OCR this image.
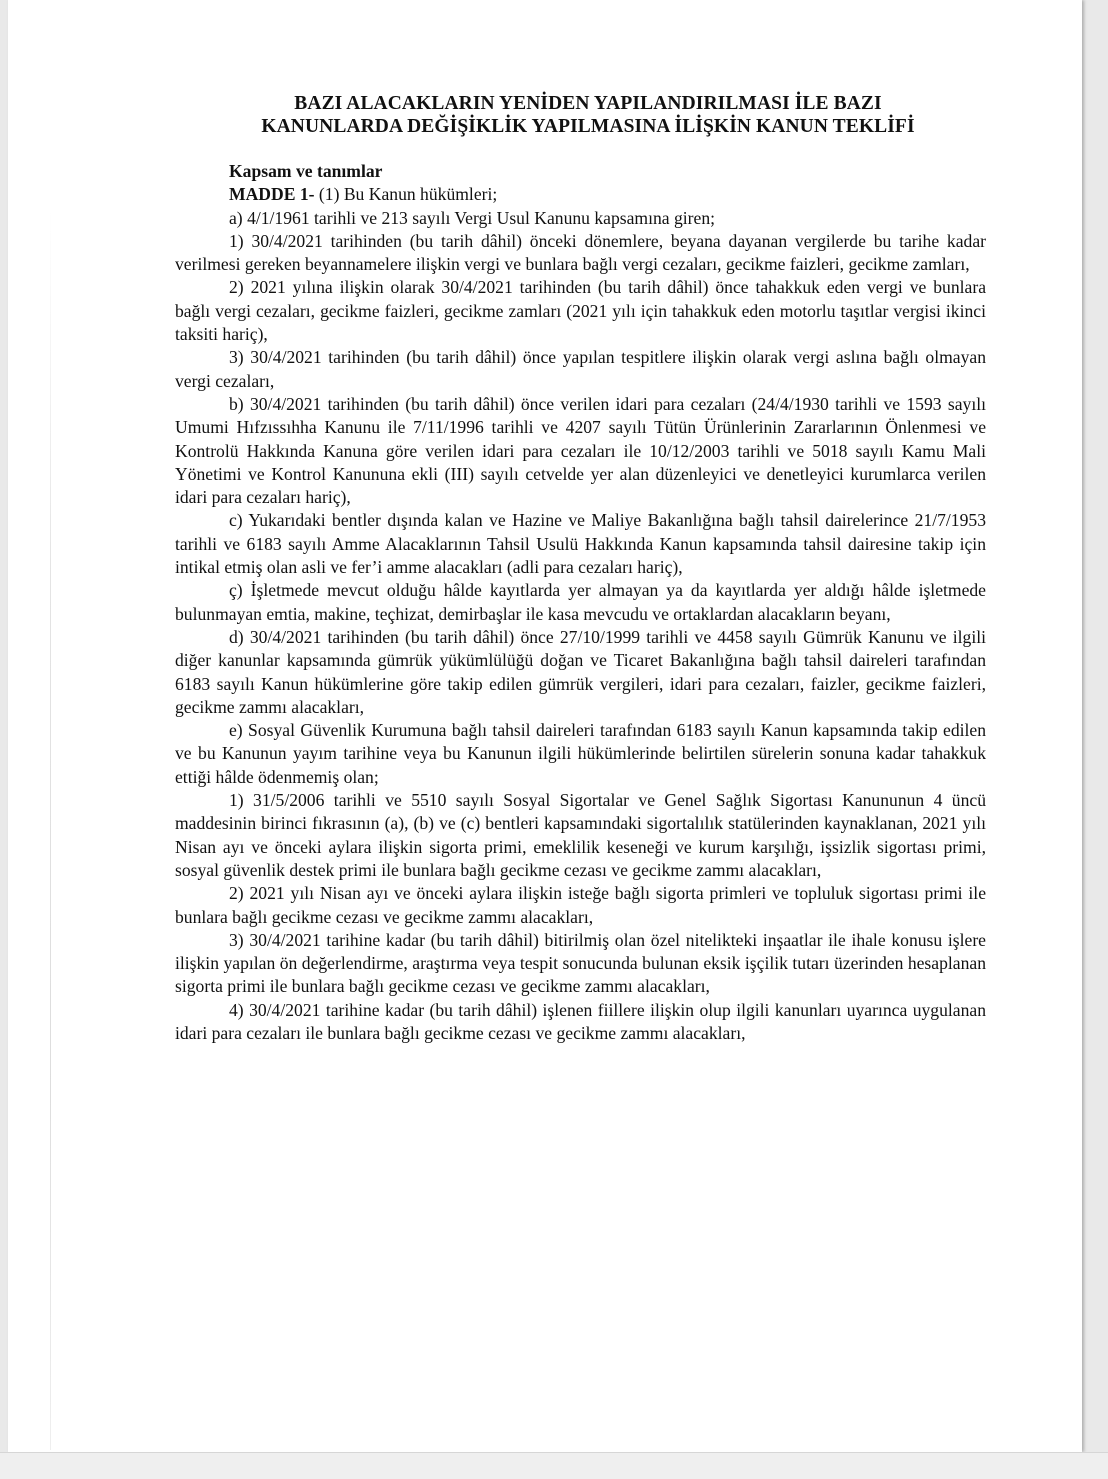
BAZI ALACAKLARIN YENİDEN YAPILANDIRILMASI İLE BAZI
KANUNLARDA DEĞİŞİKLİK YAPILMASINA İLİŞKİN KANUN TEKLİFİ

Kapsam ve tanımlar

MADDE 1- (1) Bu Kanun hükümleri;

a) 4/1/1961 tarihli ve 213 sayılı Vergi Usul Kanunu kapsamına giren;

1) 30/4/2021 tarihinden (bu tarih dâhil) önceki dönemlere, beyana dayanan vergilerde bu tarihe kadar verilmesi gereken beyannamelere ilişkin vergi ve bunlara bağlı vergi cezaları, gecikme faizleri, gecikme zamları,

2) 2021 yılına ilişkin olarak 30/4/2021 tarihinden (bu tarih dâhil) önce tahakkuk eden vergi ve bunlara bağlı vergi cezaları, gecikme faizleri, gecikme zamları (2021 yılı için tahakkuk eden motorlu taşıtlar vergisi ikinci taksiti hariç),

3) 30/4/2021 tarihinden (bu tarih dâhil) önce yapılan tespitlere ilişkin olarak vergi aslına bağlı olmayan vergi cezaları,

b) 30/4/2021 tarihinden (bu tarih dâhil) önce verilen idari para cezaları (24/4/1930 tarihli ve 1593 sayılı Umumi Hıfzıssıhha Kanunu ile 7/11/1996 tarihli ve 4207 sayılı Tütün Ürünlerinin Zararlarının Önlenmesi ve Kontrolü Hakkında Kanuna göre verilen idari para cezaları ile 10/12/2003 tarihli ve 5018 sayılı Kamu Mali Yönetimi ve Kontrol Kanununa ekli (III) sayılı cetvelde yer alan düzenleyici ve denetleyici kurumlarca verilen idari para cezaları hariç),

c) Yukarıdaki bentler dışında kalan ve Hazine ve Maliye Bakanlığına bağlı tahsil dairelerince 21/7/1953 tarihli ve 6183 sayılı Amme Alacaklarının Tahsil Usulü Hakkında Kanun kapsamında tahsil dairesine takip için intikal etmiş olan asli ve fer’i amme alacakları (adli para cezaları hariç),

ç) İşletmede mevcut olduğu hâlde kayıtlarda yer almayan ya da kayıtlarda yer aldığı hâlde işletmede bulunmayan emtia, makine, teçhizat, demirbaşlar ile kasa mevcudu ve ortaklardan alacakların beyanı,

d) 30/4/2021 tarihinden (bu tarih dâhil) önce 27/10/1999 tarihli ve 4458 sayılı Gümrük Kanunu ve ilgili diğer kanunlar kapsamında gümrük yükümlülüğü doğan ve Ticaret Bakanlığına bağlı tahsil daireleri tarafından 6183 sayılı Kanun hükümlerine göre takip edilen gümrük vergileri, idari para cezaları, faizler, gecikme faizleri, gecikme zammı alacakları,

e) Sosyal Güvenlik Kurumuna bağlı tahsil daireleri tarafından 6183 sayılı Kanun kapsamında takip edilen ve bu Kanunun yayım tarihine veya bu Kanunun ilgili hükümlerinde belirtilen sürelerin sonuna kadar tahakkuk ettiği hâlde ödenmemiş olan;

1) 31/5/2006 tarihli ve 5510 sayılı Sosyal Sigortalar ve Genel Sağlık Sigortası Kanununun 4 üncü maddesinin birinci fıkrasının (a), (b) ve (c) bentleri kapsamındaki sigortalılık statülerinden kaynaklanan, 2021 yılı Nisan ayı ve önceki aylara ilişkin sigorta primi, emeklilik keseneği ve kurum karşılığı, işsizlik sigortası primi, sosyal güvenlik destek primi ile bunlara bağlı gecikme cezası ve gecikme zammı alacakları,

2) 2021 yılı Nisan ayı ve önceki aylara ilişkin isteğe bağlı sigorta primleri ve topluluk sigortası primi ile bunlara bağlı gecikme cezası ve gecikme zammı alacakları,

3) 30/4/2021 tarihine kadar (bu tarih dâhil) bitirilmiş olan özel nitelikteki inşaatlar ile ihale konusu işlere ilişkin yapılan ön değerlendirme, araştırma veya tespit sonucunda bulunan eksik işçilik tutarı üzerinden hesaplanan sigorta primi ile bunlara bağlı gecikme cezası ve gecikme zammı alacakları,

4) 30/4/2021 tarihine kadar (bu tarih dâhil) işlenen fiillere ilişkin olup ilgili kanunları uyarınca uygulanan idari para cezaları ile bunlara bağlı gecikme cezası ve gecikme zammı alacakları,
